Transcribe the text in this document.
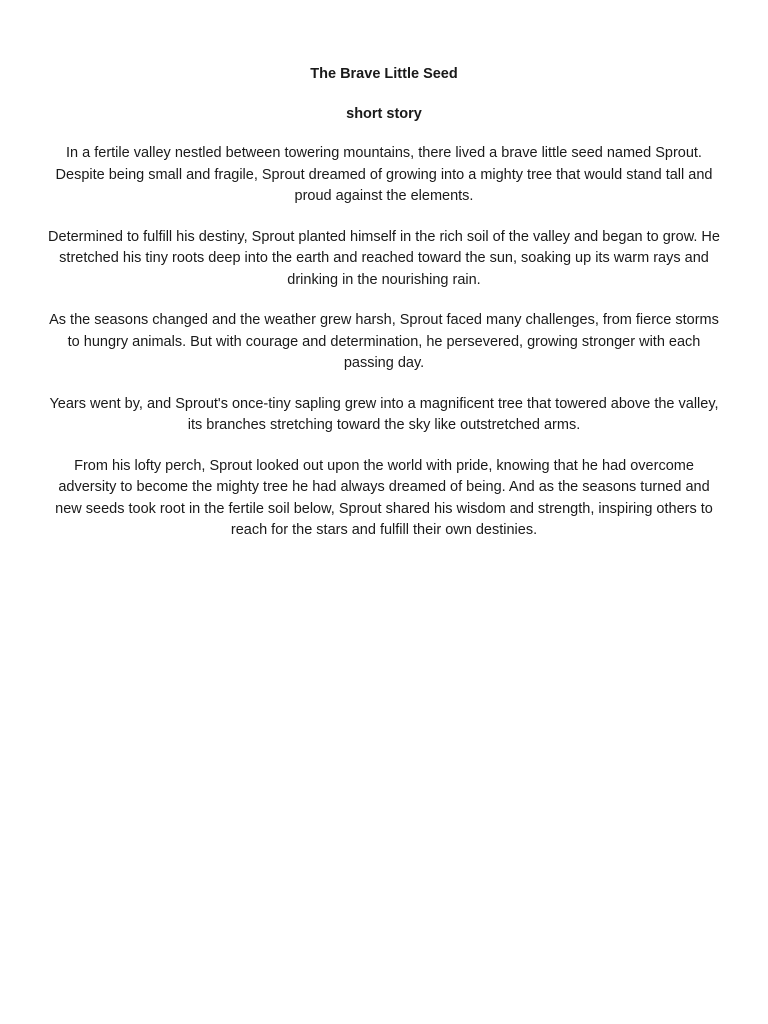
The Brave Little Seed
short story

In a fertile valley nestled between towering mountains, there lived a brave little seed named Sprout. Despite being small and fragile, Sprout dreamed of growing into a mighty tree that would stand tall and proud against the elements.

Determined to fulfill his destiny, Sprout planted himself in the rich soil of the valley and began to grow. He stretched his tiny roots deep into the earth and reached toward the sun, soaking up its warm rays and drinking in the nourishing rain.

As the seasons changed and the weather grew harsh, Sprout faced many challenges, from fierce storms to hungry animals. But with courage and determination, he persevered, growing stronger with each passing day.

Years went by, and Sprout's once-tiny sapling grew into a magnificent tree that towered above the valley, its branches stretching toward the sky like outstretched arms.

From his lofty perch, Sprout looked out upon the world with pride, knowing that he had overcome adversity to become the mighty tree he had always dreamed of being. And as the seasons turned and new seeds took root in the fertile soil below, Sprout shared his wisdom and strength, inspiring others to reach for the stars and fulfill their own destinies.
